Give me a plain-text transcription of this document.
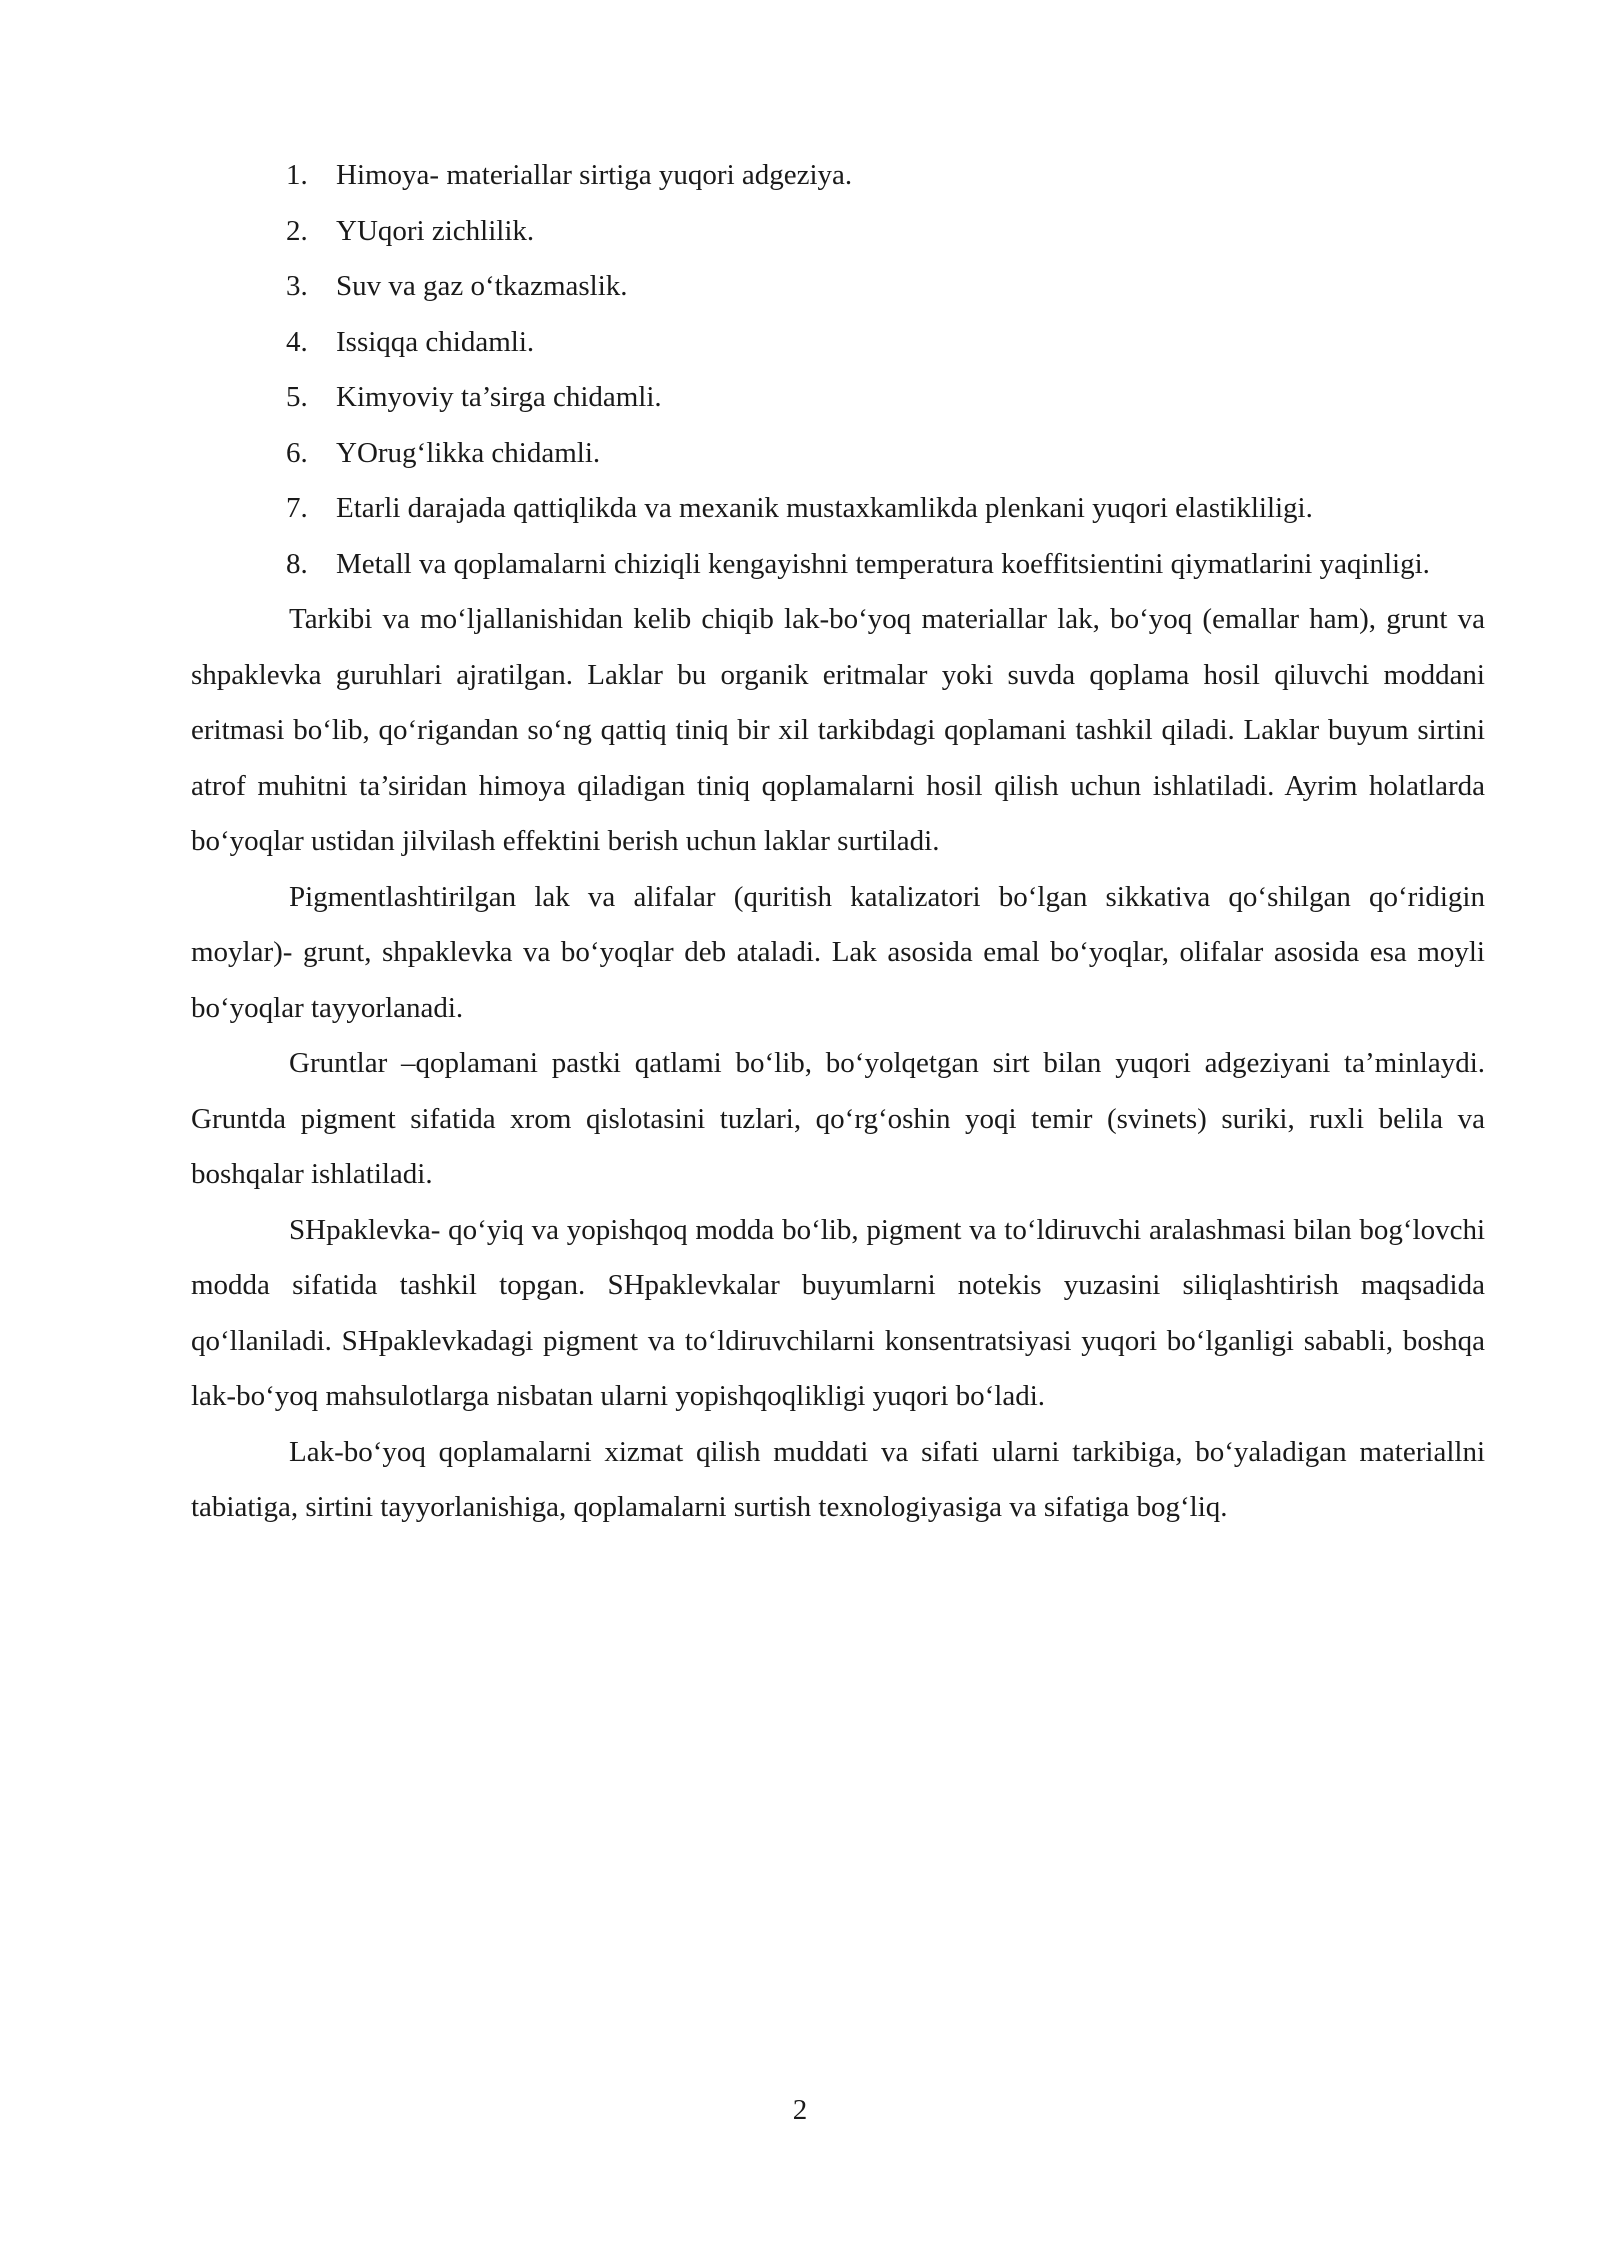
1. Himoya- materiallar sirtiga yuqori adgeziya.
2. YUqori zichlilik.
3. Suv va gaz o‘tkazmaslik.
4. Issiqqa chidamli.
5. Kimyoviy ta’sirga chidamli.
6. YOrug‘likka chidamli.
7. Etarli darajada qattiqlikda va mexanik mustaxkamlikda plenkani yuqori elastikliligi.
8. Metall va qoplamalarni chiziqli kengayishni temperatura koeffitsientini qiymatlarini yaqinligi.

Tarkibi va mo‘ljallanishidan kelib chiqib lak-bo‘yoq materiallar lak, bo‘yoq (emallar ham), grunt va shpaklevka guruhlari ajratilgan. Laklar bu organik eritmalar yoki suvda qoplama hosil qiluvchi moddani eritmasi bo‘lib, qo‘rigandan so‘ng qattiq tiniq bir xil tarkibdagi qoplamani tashkil qiladi. Laklar buyum sirtini atrof muhitni ta’siridan himoya qiladigan tiniq qoplamalarni hosil qilish uchun ishlatiladi. Ayrim holatlarda bo‘yoqlar ustidan jilvilash effektini berish uchun laklar surtiladi.

Pigmentlashtirilgan lak va alifalar (quritish katalizatori bo‘lgan sikkativa qo‘shilgan qo‘ridigin moylar)- grunt, shpaklevka va bo‘yoqlar deb ataladi. Lak asosida emal bo‘yoqlar, olifalar asosida esa moyli bo‘yoqlar tayyorlanadi.

Gruntlar –qoplamani pastki qatlami bo‘lib, bo‘yolqetgan sirt bilan yuqori adgeziyani ta’minlaydi. Gruntda pigment sifatida xrom qislotasini tuzlari, qo‘rg‘oshin yoqi temir (svinets) suriki, ruxli belila va boshqalar ishlatiladi.

SHpaklevka- qo‘yiq va yopishqoq modda bo‘lib, pigment va to‘ldiruvchi aralashmasi bilan bog‘lovchi modda sifatida tashkil topgan. SHpaklevkalar buyumlarni notekis yuzasini siliqlashtirish maqsadida qo‘llaniladi. SHpaklevkadagi pigment va to‘ldiruvchilarni konsentratsiyasi yuqori bo‘lganligi sababli, boshqa lak-bo‘yoq mahsulotlarga nisbatan ularni yopishqoqlikligi yuqori bo‘ladi.

Lak-bo‘yoq qoplamalarni xizmat qilish muddati va sifati ularni tarkibiga, bo‘yaladigan materiallni tabiatiga, sirtini tayyorlanishiga, qoplamalarni surtish texnologiyasiga va sifatiga bog‘liq.

2
